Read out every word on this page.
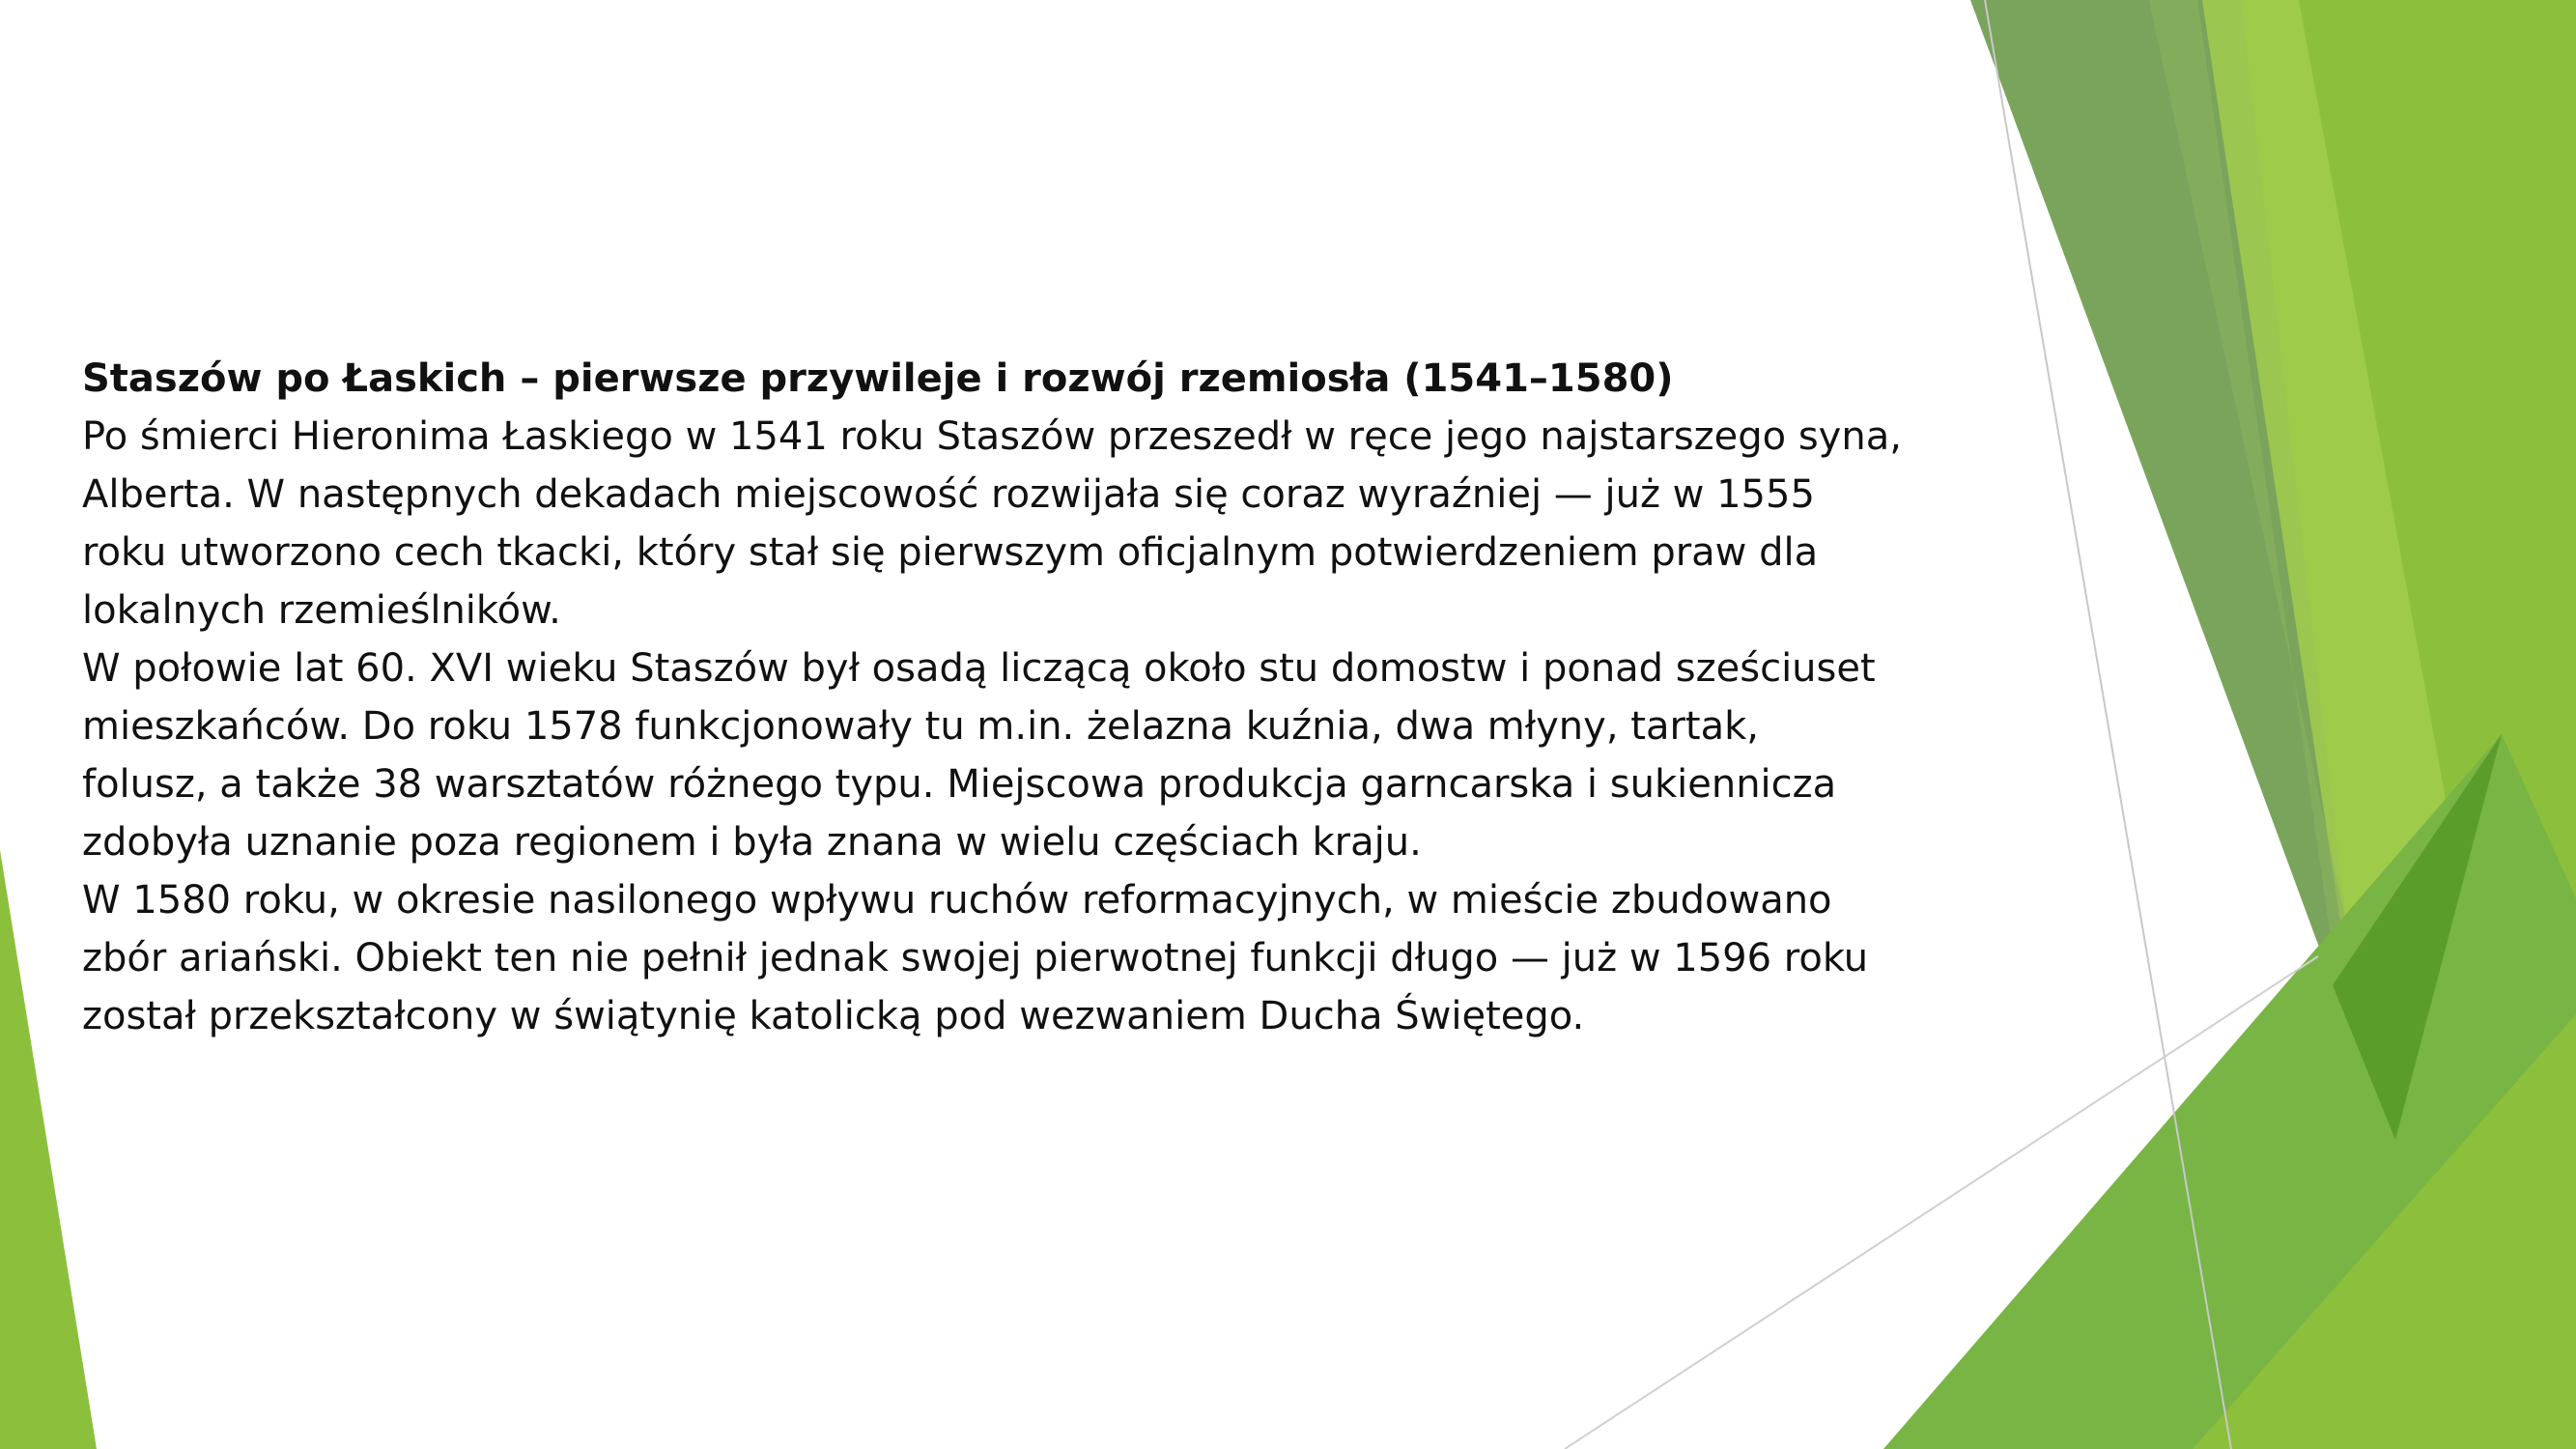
Staszów po Łaskich – pierwsze przywileje i rozwój rzemiosła (1541–1580)

Po śmierci Hieronima Łaskiego w 1541 roku Staszów przeszedł w ręce jego najstarszego syna,
Alberta. W następnych dekadach miejscowość rozwijała się coraz wyraźniej — już w 1555
roku utworzono cech tkacki, który stał się pierwszym oficjalnym potwierdzeniem praw dla
lokalnych rzemieślników.
W połowie lat 60. XVI wieku Staszów był osadą liczącą około stu domostw i ponad sześciuset
mieszkańców. Do roku 1578 funkcjonowały tu m.in. żelazna kuźnia, dwa młyny, tartak,
folusz, a także 38 warsztatów różnego typu. Miejscowa produkcja garncarska i sukiennicza
zdobyła uznanie poza regionem i była znana w wielu częściach kraju.
W 1580 roku, w okresie nasilonego wpływu ruchów reformacyjnych, w mieście zbudowano
zbór ariański. Obiekt ten nie pełnił jednak swojej pierwotnej funkcji długo — już w 1596 roku
został przekształcony w świątynię katolicką pod wezwaniem Ducha Świętego.
